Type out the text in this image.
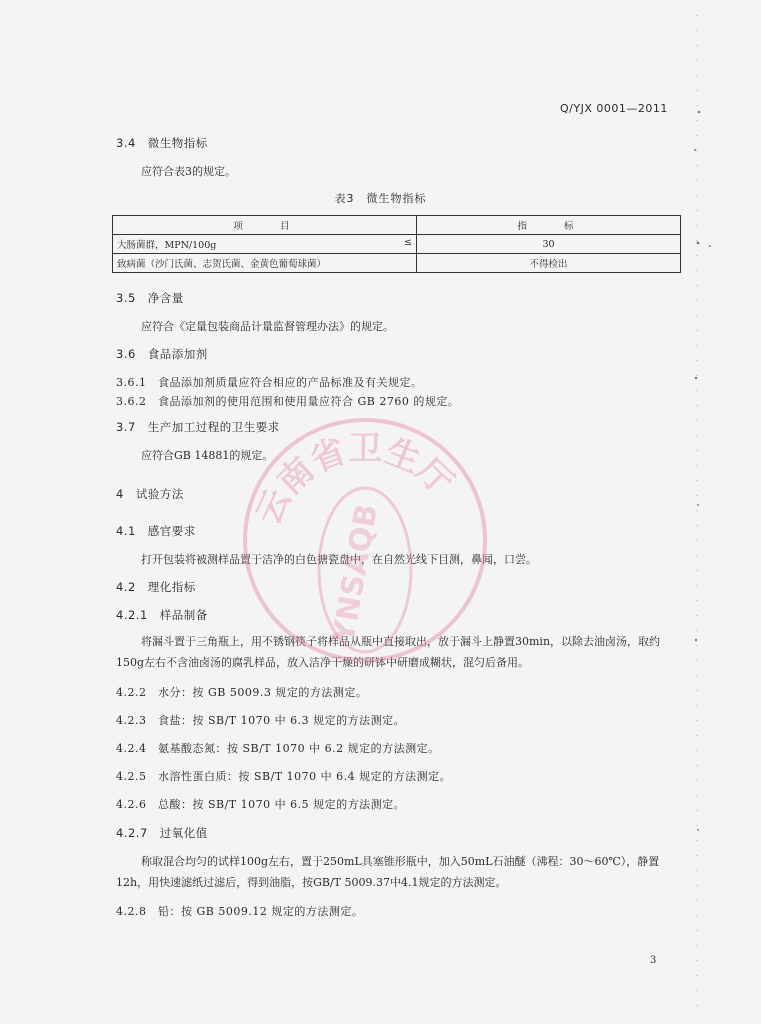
Q/YJX 0001—2011
3.4　微生物指标
应符合表3的规定。
表3　微生物指标
项　　目	指　　标
大肠菌群，MPN/100g ≤	30
致病菌（沙门氏菌、志贺氏菌、金黄色葡萄球菌）	不得检出
3.5　净含量
应符合《定量包装商品计量监督管理办法》的规定。
3.6　食品添加剂
3.6.1　食品添加剂质量应符合相应的产品标准及有关规定。
3.6.2　食品添加剂的使用范围和使用量应符合 GB 2760 的规定。
3.7　生产加工过程的卫生要求
应符合GB 14881的规定。
4　试验方法
4.1　感官要求
打开包装将被测样品置于洁净的白色搪瓷盘中，在自然光线下目测，鼻闻，口尝。
4.2　理化指标
4.2.1　样品制备
将漏斗置于三角瓶上，用不锈钢筷子将样品从瓶中直接取出，放于漏斗上静置30min，以除去油卤汤，取约150g左右不含油卤汤的腐乳样品，放入洁净干燥的研钵中研磨成糊状，混匀后备用。
4.2.2　水分：按 GB 5009.3 规定的方法测定。
4.2.3　食盐：按 SB/T 1070 中 6.3 规定的方法测定。
4.2.4　氨基酸态氮：按 SB/T 1070 中 6.2 规定的方法测定。
4.2.5　水溶性蛋白质：按 SB/T 1070 中 6.4 规定的方法测定。
4.2.6　总酸：按 SB/T 1070 中 6.5 规定的方法测定。
4.2.7　过氧化值
称取混合均匀的试样100g左右，置于250mL具塞锥形瓶中，加入50mL石油醚（沸程：30～60℃），静置12h，用快速滤纸过滤后，得到油脂，按GB/T 5009.37中4.1规定的方法测定。
4.2.8　铅：按 GB 5009.12 规定的方法测定。
3
云南省卫生厅
YNSAQB
